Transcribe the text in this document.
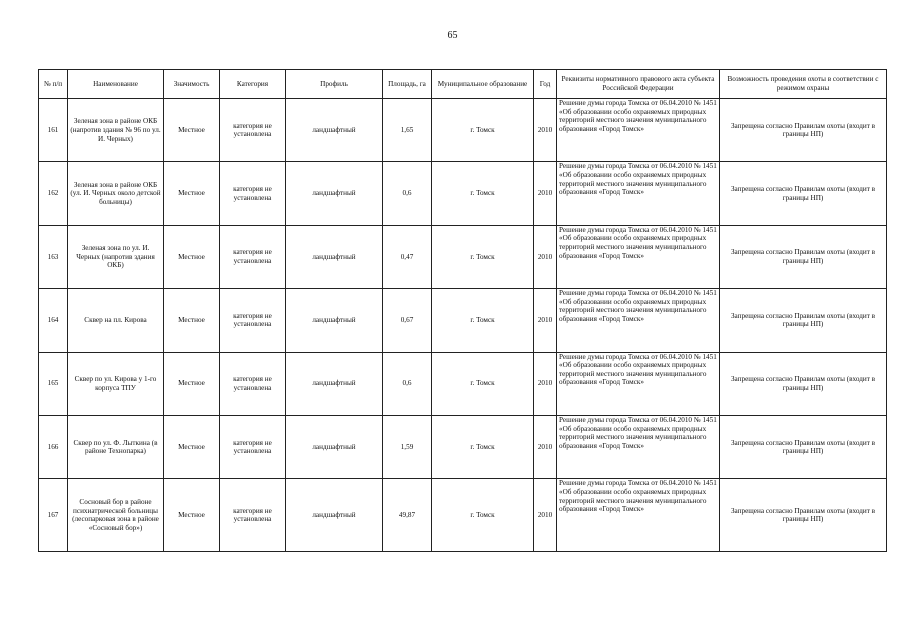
65
№ п/п	Наименование	Значимость	Категория	Профиль	Площадь, га	Муниципальное образование	Год	Реквизиты нормативного правового акта субъекта Российской Федерации	Возможность проведения охоты в соответствии с режимом охраны
161	Зеленая зона в районе ОКБ (напротив здания № 96 по ул. И. Черных)	Местное	категория не установлена	ландшафтный	1,65	г. Томск	2010	Решение думы города Томска от 06.04.2010 № 1451 «Об образовании особо охраняемых природных территорий местного значения муниципального образования «Город Томск»	Запрещена согласно Правилам охоты (входит в границы НП)
162	Зеленая зона в районе ОКБ (ул. И. Черных около детской больницы)	Местное	категория не установлена	ландшафтный	0,6	г. Томск	2010	Решение думы города Томска от 06.04.2010 № 1451 «Об образовании особо охраняемых природных территорий местного значения муниципального образования «Город Томск»	Запрещена согласно Правилам охоты (входит в границы НП)
163	Зеленая зона по ул. И. Черных (напротив здания ОКБ)	Местное	категория не установлена	ландшафтный	0,47	г. Томск	2010	Решение думы города Томска от 06.04.2010 № 1451 «Об образовании особо охраняемых природных территорий местного значения муниципального образования «Город Томск»	Запрещена согласно Правилам охоты (входит в границы НП)
164	Сквер на пл. Кирова	Местное	категория не установлена	ландшафтный	0,67	г. Томск	2010	Решение думы города Томска от 06.04.2010 № 1451 «Об образовании особо охраняемых природных территорий местного значения муниципального образования «Город Томск»	Запрещена согласно Правилам охоты (входит в границы НП)
165	Сквер по ул. Кирова у 1-го корпуса ТПУ	Местное	категория не установлена	ландшафтный	0,6	г. Томск	2010	Решение думы города Томска от 06.04.2010 № 1451 «Об образовании особо охраняемых природных территорий местного значения муниципального образования «Город Томск»	Запрещена согласно Правилам охоты (входит в границы НП)
166	Сквер по ул. Ф. Лыткина (в районе Технопарка)	Местное	категория не установлена	ландшафтный	1,59	г. Томск	2010	Решение думы города Томска от 06.04.2010 № 1451 «Об образовании особо охраняемых природных территорий местного значения муниципального образования «Город Томск»	Запрещена согласно Правилам охоты (входит в границы НП)
167	Сосновый бор в районе психиатрической больницы (лесопарковая зона в районе «Сосновый бор»)	Местное	категория не установлена	ландшафтный	49,87	г. Томск	2010	Решение думы города Томска от 06.04.2010 № 1451 «Об образовании особо охраняемых природных территорий местного значения муниципального образования «Город Томск»	Запрещена согласно Правилам охоты (входит в границы НП)
